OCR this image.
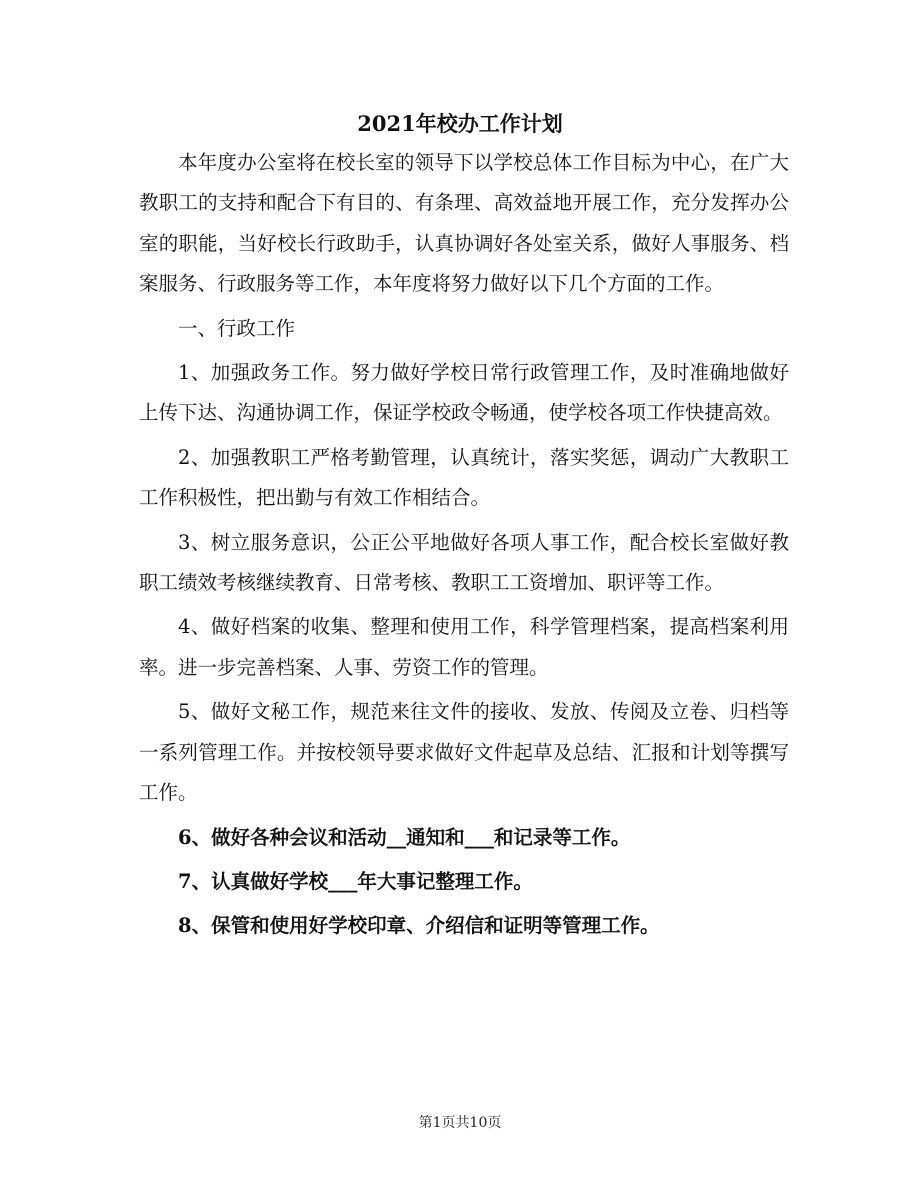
2021年校办工作计划

本年度办公室将在校长室的领导下以学校总体工作目标为中心，在广大教职工的支持和配合下有目的、有条理、高效益地开展工作，充分发挥办公室的职能，当好校长行政助手，认真协调好各处室关系，做好人事服务、档案服务、行政服务等工作，本年度将努力做好以下几个方面的工作。

一、行政工作

1、加强政务工作。努力做好学校日常行政管理工作，及时准确地做好上传下达、沟通协调工作，保证学校政令畅通，使学校各项工作快捷高效。

2、加强教职工严格考勤管理，认真统计，落实奖惩，调动广大教职工工作积极性，把出勤与有效工作相结合。

3、树立服务意识，公正公平地做好各项人事工作，配合校长室做好教职工绩效考核继续教育、日常考核、教职工工资增加、职评等工作。

4、做好档案的收集、整理和使用工作，科学管理档案，提高档案利用率。进一步完善档案、人事、劳资工作的管理。

5、做好文秘工作，规范来往文件的接收、发放、传阅及立卷、归档等一系列管理工作。并按校领导要求做好文件起草及总结、汇报和计划等撰写工作。

6、做好各种会议和活动__通知和___和记录等工作。

7、认真做好学校___年大事记整理工作。

8、保管和使用好学校印章、介绍信和证明等管理工作。

第1页共10页
